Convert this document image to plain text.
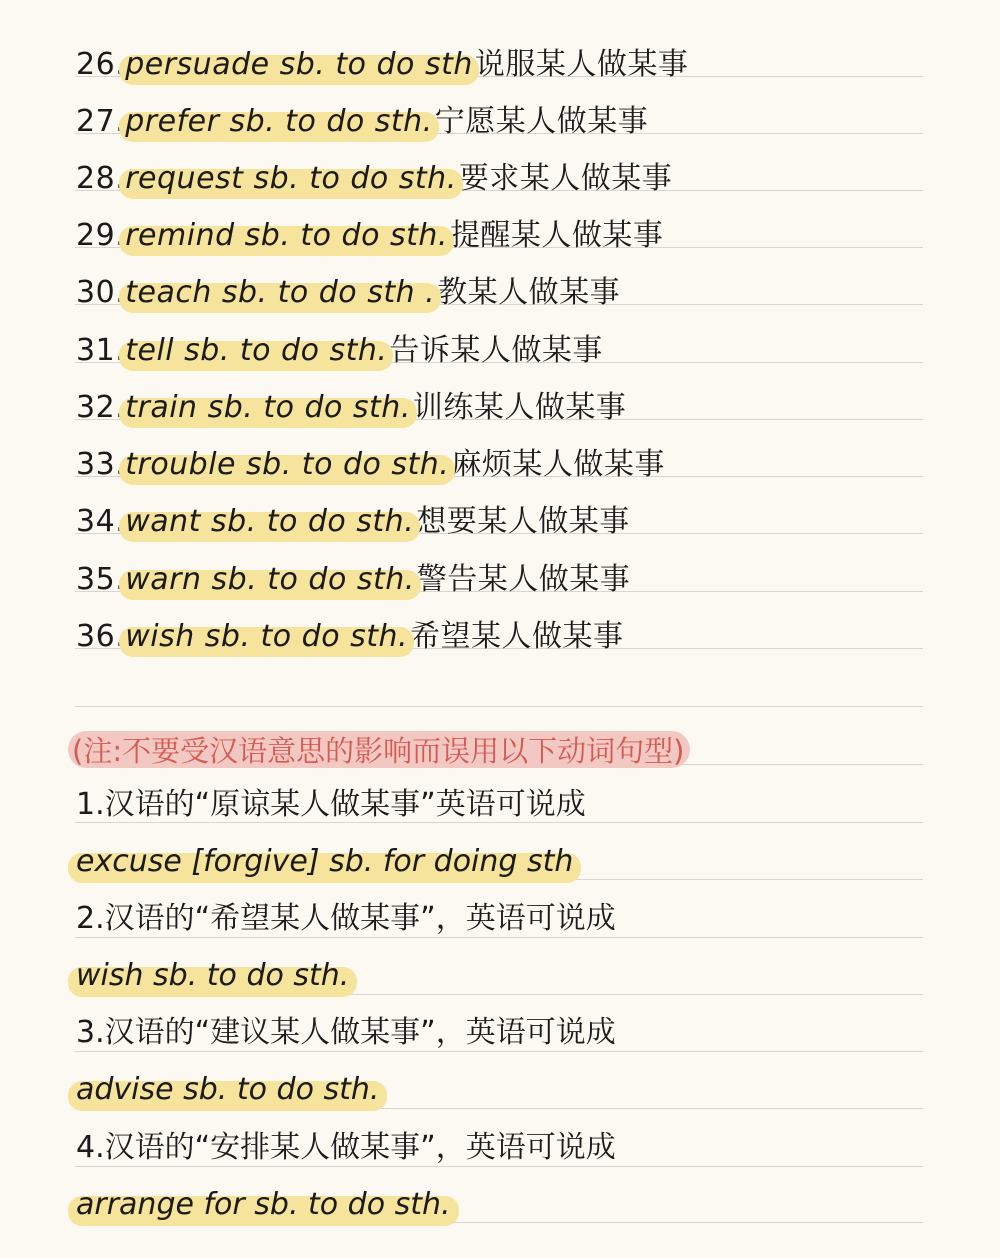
26. persuade sb. to do sth 说服某人做某事
27. prefer sb. to do sth. 宁愿某人做某事
28. request sb. to do sth. 要求某人做某事
29. remind sb. to do sth. 提醒某人做某事
30. teach sb. to do sth . 教某人做某事
31. tell sb. to do sth. 告诉某人做某事
32. train sb. to do sth. 训练某人做某事
33. trouble sb. to do sth. 麻烦某人做某事
34. want sb. to do sth. 想要某人做某事
35. warn sb. to do sth. 警告某人做某事
36. wish sb. to do sth. 希望某人做某事
(注:不要受汉语意思的影响而误用以下动词句型)
1.汉语的“原谅某人做某事”英语可说成
excuse [forgive] sb. for doing sth
2.汉语的“希望某人做某事”，英语可说成
wish sb. to do sth.
3.汉语的“建议某人做某事”，英语可说成
advise sb. to do sth.
4.汉语的“安排某人做某事”，英语可说成
arrange for sb. to do sth.
